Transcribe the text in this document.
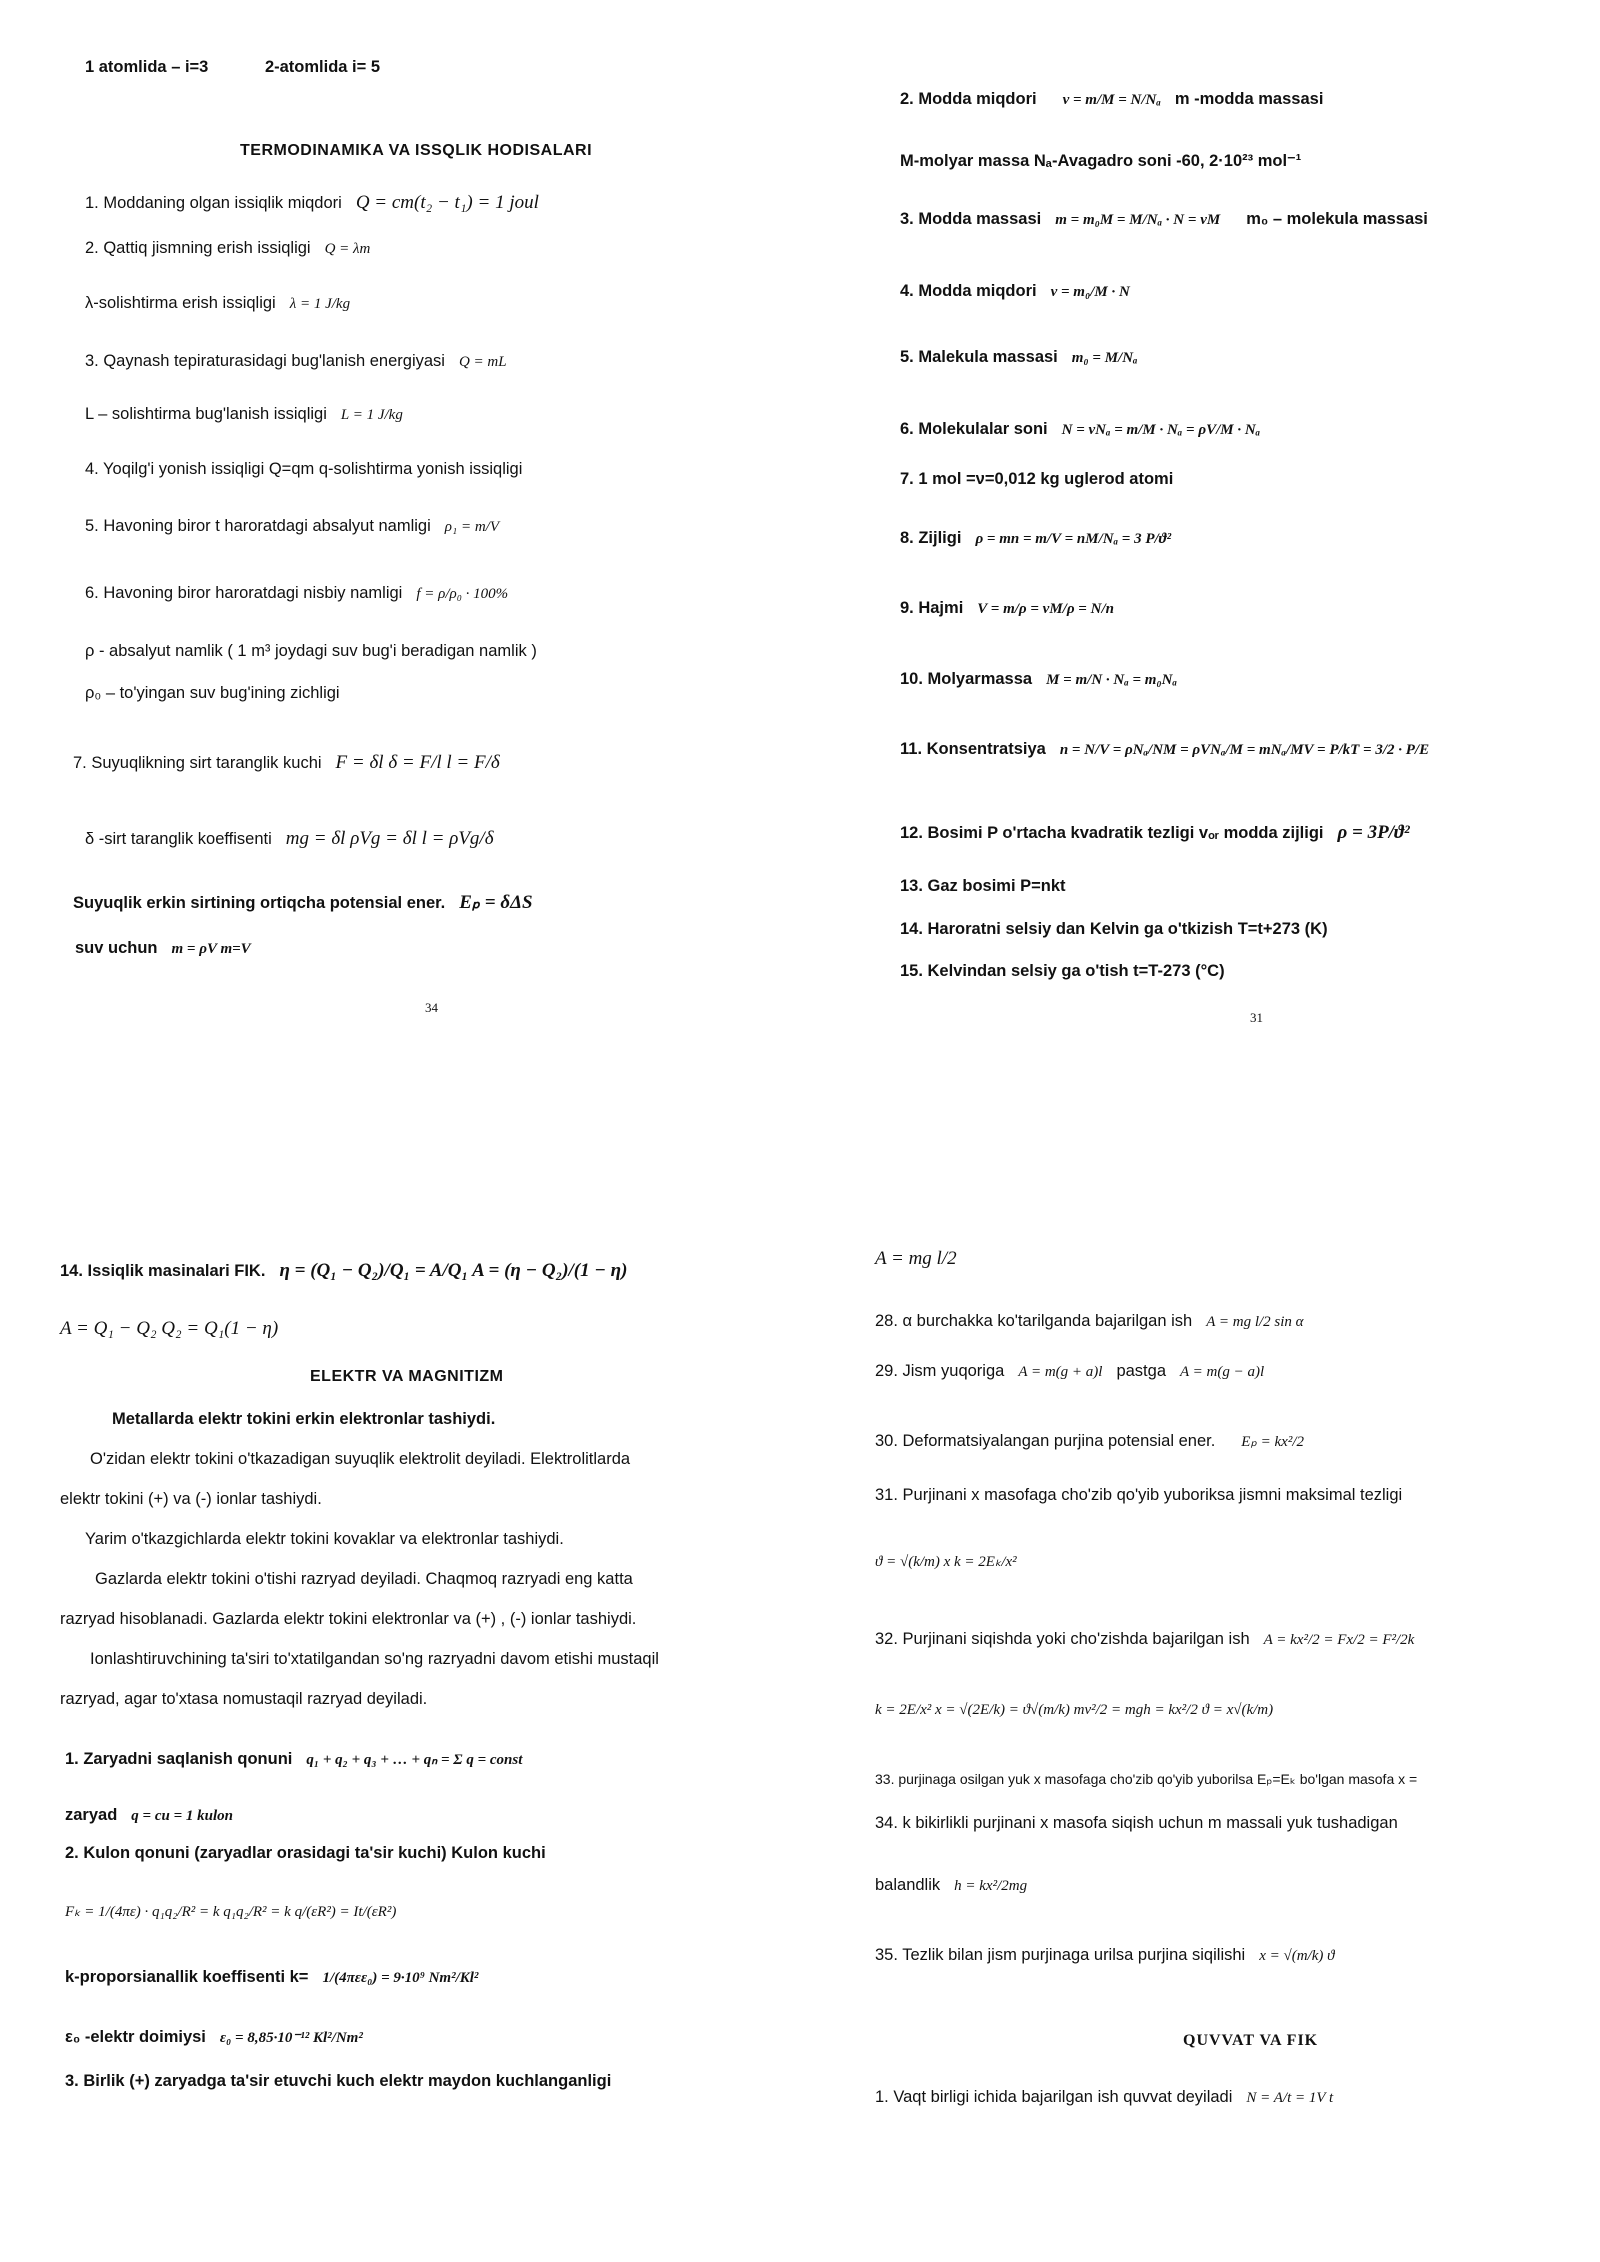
1 atomlida – i=3	2-atomlida i= 5
TERMODINAMIKA VA ISSQLIK HODISALARI
1. Moddaning olgan issiqlik miqdori Q = cm(t₂ − t₁) = 1 joul
2. Qattiq jismning erish issiqligi Q = λm
λ-solishtirma erish issiqligi λ = 1 J/kg
3. Qaynash tepiraturasidagi bug'lanish energiyasi Q = mL
L – solishtirma bug'lanish issiqligi L = 1 J/kg
4. Yoqilg'i yonish issiqligi Q=qm q-solishtirma yonish issiqligi
5. Havoning biror t haroratdagi absalyut namligi ρ₁ = m/V
6. Havoning biror haroratdagi nisbiy namligi f = ρ/ρ₀ · 100%
ρ - absalyut namlik ( 1 m³ joydagi suv bug'i beradigan namlik )
ρ₀ – to'yingan suv bug'ining zichligi
7. Suyuqlikning sirt taranglik kuchi F = δl δ = F/l l = F/δ
δ -sirt taranglik koeffisenti mg = δl ρVg = δl l = ρVg/δ
Suyuqlik erkin sirtining ortiqcha potensial ener. Eₚ = δΔS
suv uchun m = ρV m=V
34
2. Modda miqdori ν = m/M = N/Nₐ m -modda massasi
M-molyar massa Nₐ-Avagadro soni -60, 2·10²³ mol⁻¹
3. Modda massasi m = m₀M = M/Nₐ · N = νM m₀ – molekula massasi
4. Modda miqdori ν = m₀/M · N
5. Malekula massasi m₀ = M/Nₐ
6. Molekulalar soni N = νNₐ = m/M · Nₐ = ρV/M · Nₐ
7. 1 mol =ν=0,012 kg uglerod atomi
8. Zijligi ρ = mn = m/V = nM/Nₐ = 3 P/ϑ²
9. Hajmi V = m/ρ = νM/ρ = N/n
10. Molyarmassa M = m/N · Nₐ = m₀Nₐ
11. Konsentratsiya n = N/V = ρNₐ/NM = ρVNₐ/M = mNₐ/MV = P/kT = 3/2 · P/E
12. Bosimi P o'rtacha kvadratik tezligi vₒᵣ modda zijligi ρ = 3P/ϑ²
13. Gaz bosimi P=nkt
14. Haroratni selsiy dan Kelvin ga o'tkizish T=t+273 (K)
15. Kelvindan selsiy ga o'tish t=T-273 (°C)
31
14. Issiqlik masinalari FIK. η = (Q₁ − Q₂)/Q₁ = A/Q₁ A = (η − Q₂)/(1 − η)
A = Q₁ − Q₂ Q₂ = Q₁(1 − η)
ELEKTR VA MAGNITIZM
Metallarda elektr tokini erkin elektronlar tashiydi.
O'zidan elektr tokini o'tkazadigan suyuqlik elektrolit deyiladi. Elektrolitlarda
elektr tokini (+) va (-) ionlar tashiydi.
Yarim o'tkazgichlarda elektr tokini kovaklar va elektronlar tashiydi.
Gazlarda elektr tokini o'tishi razryad deyiladi. Chaqmoq razryadi eng katta
razryad hisoblanadi. Gazlarda elektr tokini elektronlar va (+) , (-) ionlar tashiydi.
Ionlashtiruvchining ta'siri to'xtatilgandan so'ng razryadni davom etishi mustaqil
razryad, agar to'xtasa nomustaqil razryad deyiladi.
1. Zaryadni saqlanish qonuni q₁ + q₂ + q₃ + … + qₙ = Σ q = const
zaryad q = cu = 1 kulon
2. Kulon qonuni (zaryadlar orasidagi ta'sir kuchi) Kulon kuchi
Fₖ = 1/(4πε) · q₁q₂/R² = k q₁q₂/R² = k q/(εR²) = It/(εR²)
k-proporsianallik koeffisenti k= 1/(4πεε₀) = 9·10⁹ Nm²/Kl²
ε₀ -elektr doimiysi ε₀ = 8,85·10⁻¹² Kl²/Nm²
3. Birlik (+) zaryadga ta'sir etuvchi kuch elektr maydon kuchlanganligi
A = mg l/2
28. α burchakka ko'tarilganda bajarilgan ish A = mg l/2 sin α
29. Jism yuqoriga A = m(g + a)l pastga A = m(g − a)l
30. Deformatsiyalangan purjina potensial ener. Eₚ = kx²/2
31. Purjinani x masofaga cho'zib qo'yib yuboriksa jismni maksimal tezligi
ϑ = √(k/m) x k = 2Eₖ/x²
32. Purjinani siqishda yoki cho'zishda bajarilgan ish A = kx²/2 = Fx/2 = F²/2k
k = 2E/x² x = √(2E/k) = ϑ√(m/k) mv²/2 = mgh = kx²/2 ϑ = x√(k/m)
33. purjinaga osilgan yuk x masofaga cho'zib qo'yib yuborilsa Eₚ=Eₖ bo'lgan masofa x =
34. k bikirlikli purjinani x masofa siqish uchun m massali yuk tushadigan
balandlik h = kx²/2mg
35. Tezlik bilan jism purjinaga urilsa purjina siqilishi x = √(m/k) ϑ
QUVVAT VA FIK
1. Vaqt birligi ichida bajarilgan ish quvvat deyiladi N = A/t = 1V t
